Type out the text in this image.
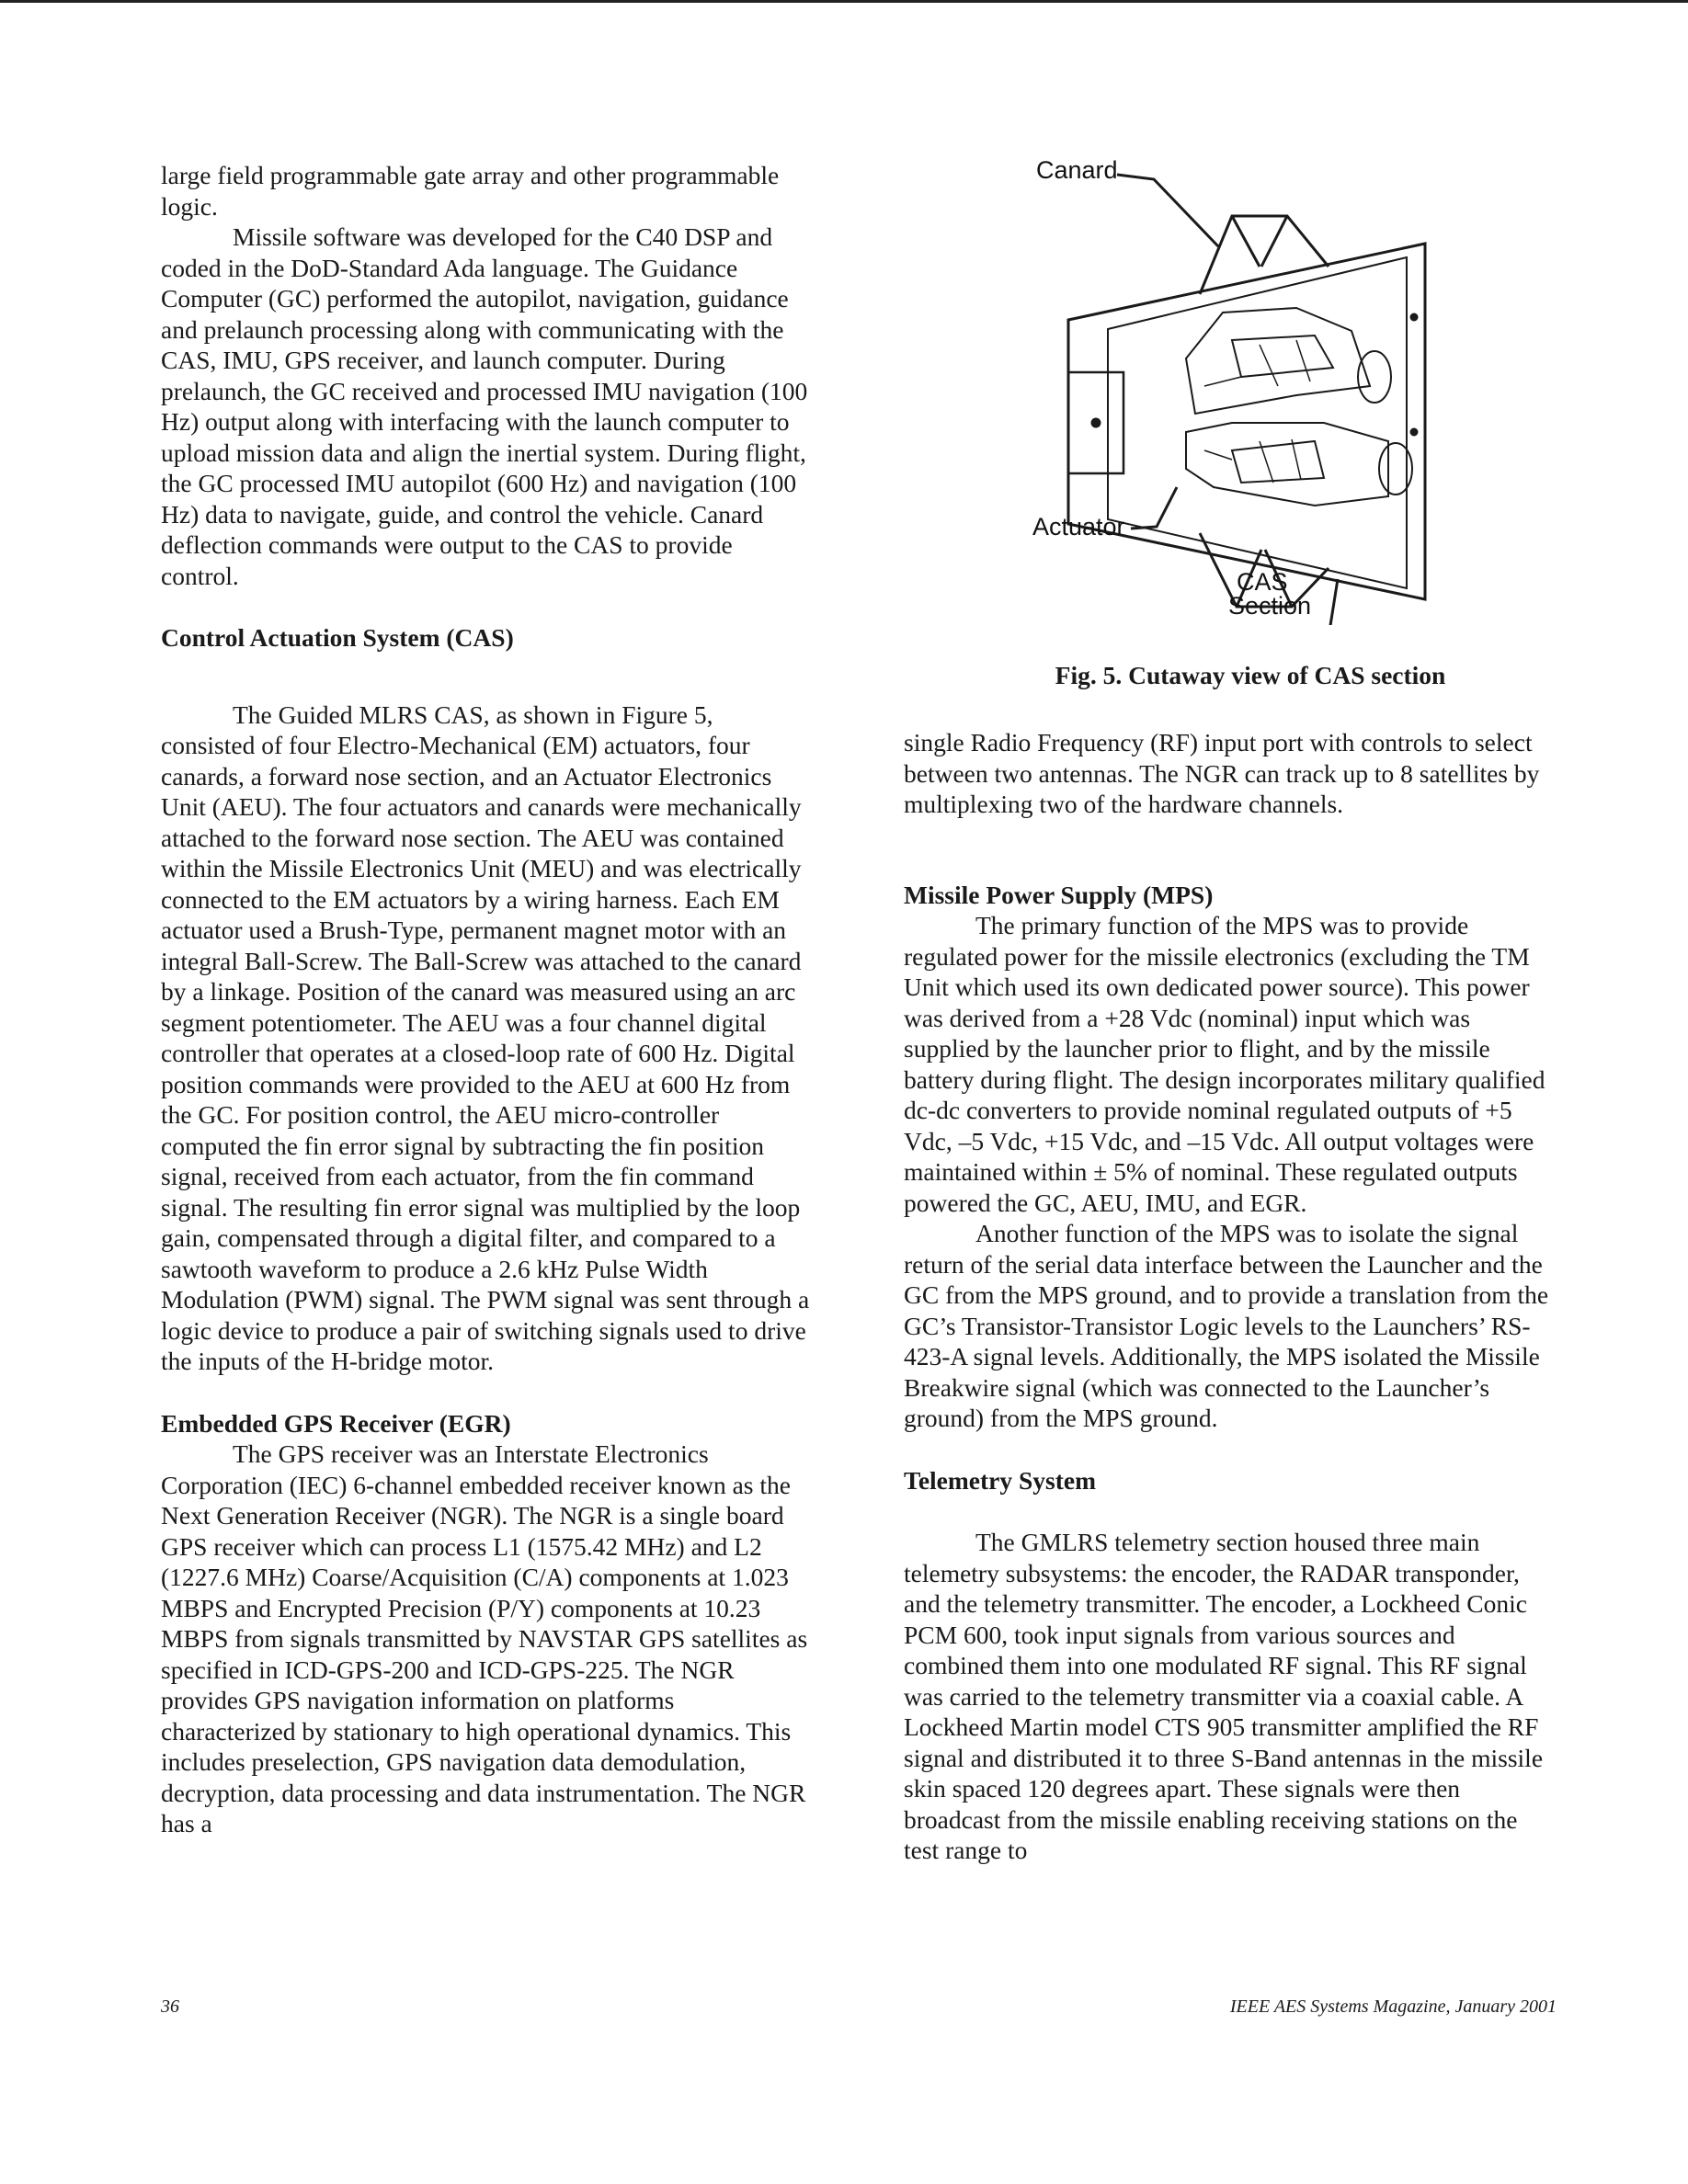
large field programmable gate array and other programmable logic.

Missile software was developed for the C40 DSP and coded in the DoD-Standard Ada language. The Guidance Computer (GC) performed the autopilot, navigation, guidance and prelaunch processing along with communicating with the CAS, IMU, GPS receiver, and launch computer. During prelaunch, the GC received and processed IMU navigation (100 Hz) output along with interfacing with the launch computer to upload mission data and align the inertial system. During flight, the GC processed IMU autopilot (600 Hz) and navigation (100 Hz) data to navigate, guide, and control the vehicle. Canard deflection commands were output to the CAS to provide control.

Control Actuation System (CAS)

The Guided MLRS CAS, as shown in Figure 5, consisted of four Electro-Mechanical (EM) actuators, four canards, a forward nose section, and an Actuator Electronics Unit (AEU). The four actuators and canards were mechanically attached to the forward nose section. The AEU was contained within the Missile Electronics Unit (MEU) and was electrically connected to the EM actuators by a wiring harness. Each EM actuator used a Brush-Type, permanent magnet motor with an integral Ball-Screw. The Ball-Screw was attached to the canard by a linkage. Position of the canard was measured using an arc segment potentiometer. The AEU was a four channel digital controller that operates at a closed-loop rate of 600 Hz. Digital position commands were provided to the AEU at 600 Hz from the GC. For position control, the AEU micro-controller computed the fin error signal by subtracting the fin position signal, received from each actuator, from the fin command signal. The resulting fin error signal was multiplied by the loop gain, compensated through a digital filter, and compared to a sawtooth waveform to produce a 2.6 kHz Pulse Width Modulation (PWM) signal. The PWM signal was sent through a logic device to produce a pair of switching signals used to drive the inputs of the H-bridge motor.

Embedded GPS Receiver (EGR)

The GPS receiver was an Interstate Electronics Corporation (IEC) 6-channel embedded receiver known as the Next Generation Receiver (NGR). The NGR is a single board GPS receiver which can process L1 (1575.42 MHz) and L2 (1227.6 MHz) Coarse/Acquisition (C/A) components at 1.023 MBPS and Encrypted Precision (P/Y) components at 10.23 MBPS from signals transmitted by NAVSTAR GPS satellites as specified in ICD-GPS-200 and ICD-GPS-225. The NGR provides GPS navigation information on platforms characterized by stationary to high operational dynamics. This includes preselection, GPS navigation data demodulation, decryption, data processing and data instrumentation. The NGR has a

Canard
Actuator
CAS
Section
Fig. 5. Cutaway view of CAS section

single Radio Frequency (RF) input port with controls to select between two antennas. The NGR can track up to 8 satellites by multiplexing two of the hardware channels.

Missile Power Supply (MPS)

The primary function of the MPS was to provide regulated power for the missile electronics (excluding the TM Unit which used its own dedicated power source). This power was derived from a +28 Vdc (nominal) input which was supplied by the launcher prior to flight, and by the missile battery during flight. The design incorporates military qualified dc-dc converters to provide nominal regulated outputs of +5 Vdc, –5 Vdc, +15 Vdc, and –15 Vdc. All output voltages were maintained within ± 5% of nominal. These regulated outputs powered the GC, AEU, IMU, and EGR.

Another function of the MPS was to isolate the signal return of the serial data interface between the Launcher and the GC from the MPS ground, and to provide a translation from the GC’s Transistor-Transistor Logic levels to the Launchers’ RS-423-A signal levels. Additionally, the MPS isolated the Missile Breakwire signal (which was connected to the Launcher’s ground) from the MPS ground.

Telemetry System

The GMLRS telemetry section housed three main telemetry subsystems: the encoder, the RADAR transponder, and the telemetry transmitter. The encoder, a Lockheed Conic PCM 600, took input signals from various sources and combined them into one modulated RF signal. This RF signal was carried to the telemetry transmitter via a coaxial cable. A Lockheed Martin model CTS 905 transmitter amplified the RF signal and distributed it to three S-Band antennas in the missile skin spaced 120 degrees apart. These signals were then broadcast from the missile enabling receiving stations on the test range to

36	IEEE AES Systems Magazine, January 2001
